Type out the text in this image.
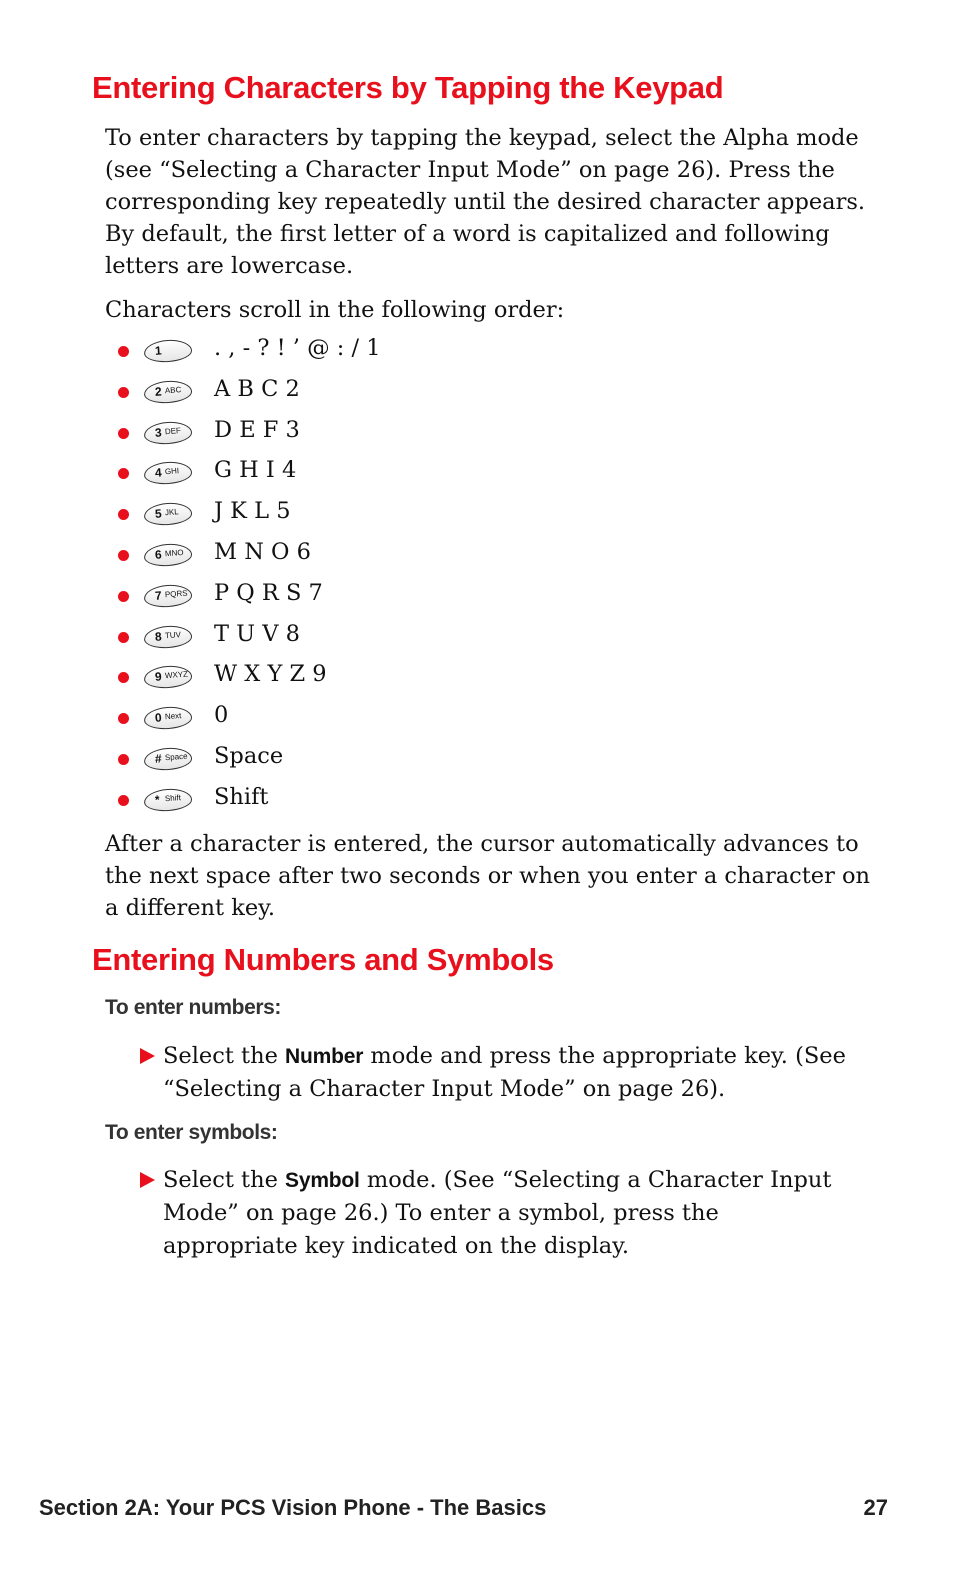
Entering Characters by Tapping the Keypad

To enter characters by tapping the keypad, select the Alpha mode (see “Selecting a Character Input Mode” on page 26). Press the corresponding key repeatedly until the desired character appears. By default, the first letter of a word is capitalized and following letters are lowercase.

Characters scroll in the following order:

1 . , - ? ! ’ @ : / 1
2 ABC A B C 2
3 DEF D E F 3
4 GHI G H I 4
5 JKL J K L 5
6 MNO M N O 6
7 PQRS P Q R S 7
8 TUV T U V 8
9 WXYZ W X Y Z 9
0 Next 0
# Space Space
* Shift Shift

After a character is entered, the cursor automatically advances to the next space after two seconds or when you enter a character on a different key.

Entering Numbers and Symbols
To enter numbers:

Select the Number mode and press the appropriate key. (See “Selecting a Character Input Mode” on page 26).

To enter symbols:

Select the Symbol mode. (See “Selecting a Character Input Mode” on page 26.) To enter a symbol, press the appropriate key indicated on the display.

Section 2A: Your PCS Vision Phone - The Basics	27
